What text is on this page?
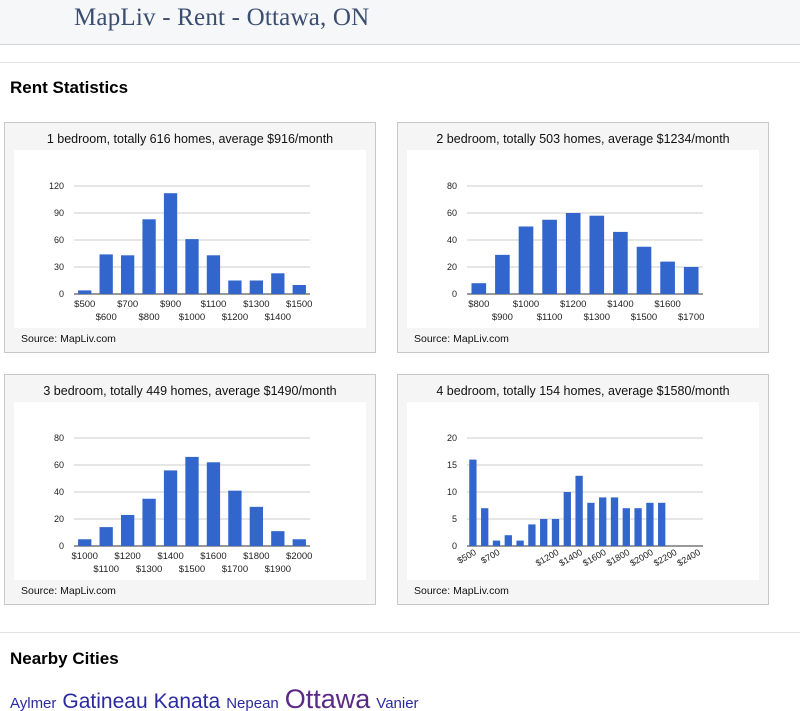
MapLiv - Rent - Ottawa, ON
Rent Statistics
1 bedroom, totally 616 homes, average $916/month
0
30
60
90
120
$500
$600
$700
$800
$900
$1000
$1100
$1200
$1300
$1400
$1500
Source: MapLiv.com
2 bedroom, totally 503 homes, average $1234/month
0
20
40
60
80
$800
$900
$1000
$1100
$1200
$1300
$1400
$1500
$1600
$1700
Source: MapLiv.com
3 bedroom, totally 449 homes, average $1490/month
0
20
40
60
80
$1000
$1100
$1200
$1300
$1400
$1500
$1600
$1700
$1800
$1900
$2000
Source: MapLiv.com
4 bedroom, totally 154 homes, average $1580/month
0
5
10
15
20
$500 $700	$1200
$1400
$1600
$1800
$2000
$2200
$2400
Source: MapLiv.com
Nearby Cities
Aylmer Gatineau Kanata Nepean Ottawa Vanier
